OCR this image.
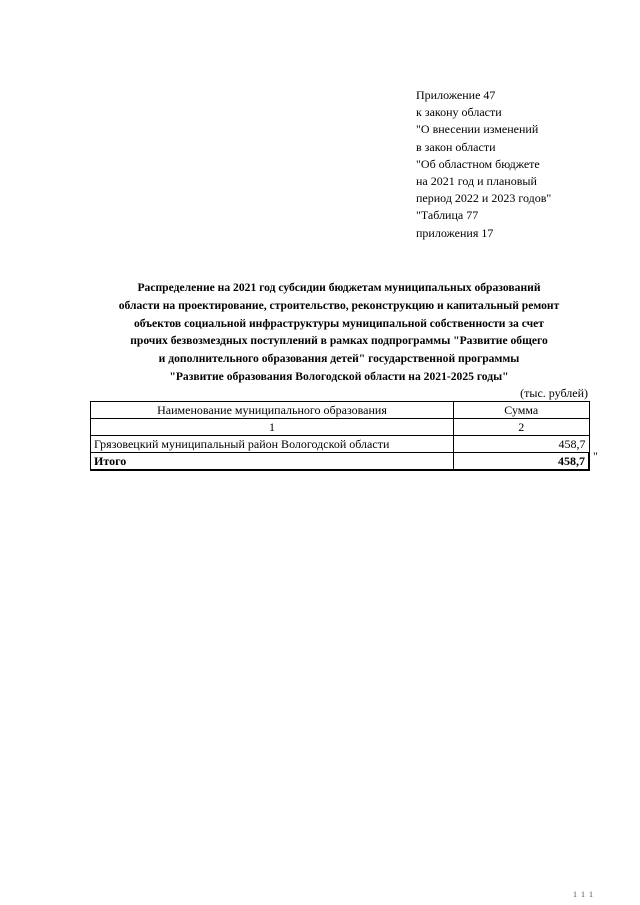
Приложение 47
к закону области
"О внесении изменений
в закон области
"Об областном бюджете
на 2021 год и плановый
период 2022 и 2023 годов"
"Таблица 77
приложения 17
Распределение на 2021 год субсидии бюджетам муниципальных образований
области на проектирование, строительство, реконструкцию и капитальный ремонт
объектов социальной инфраструктуры муниципальной собственности за счет
прочих безвозмездных поступлений в рамках подпрограммы "Развитие общего
и дополнительного образования детей" государственной программы
"Развитие образования Вологодской области на 2021-2025 годы"
(тыс. рублей)
Наименование муниципального образования	Сумма
1	2
Грязовецкий муниципальный район Вологодской области	458,7
Итого	458,7 "
1 1 1
